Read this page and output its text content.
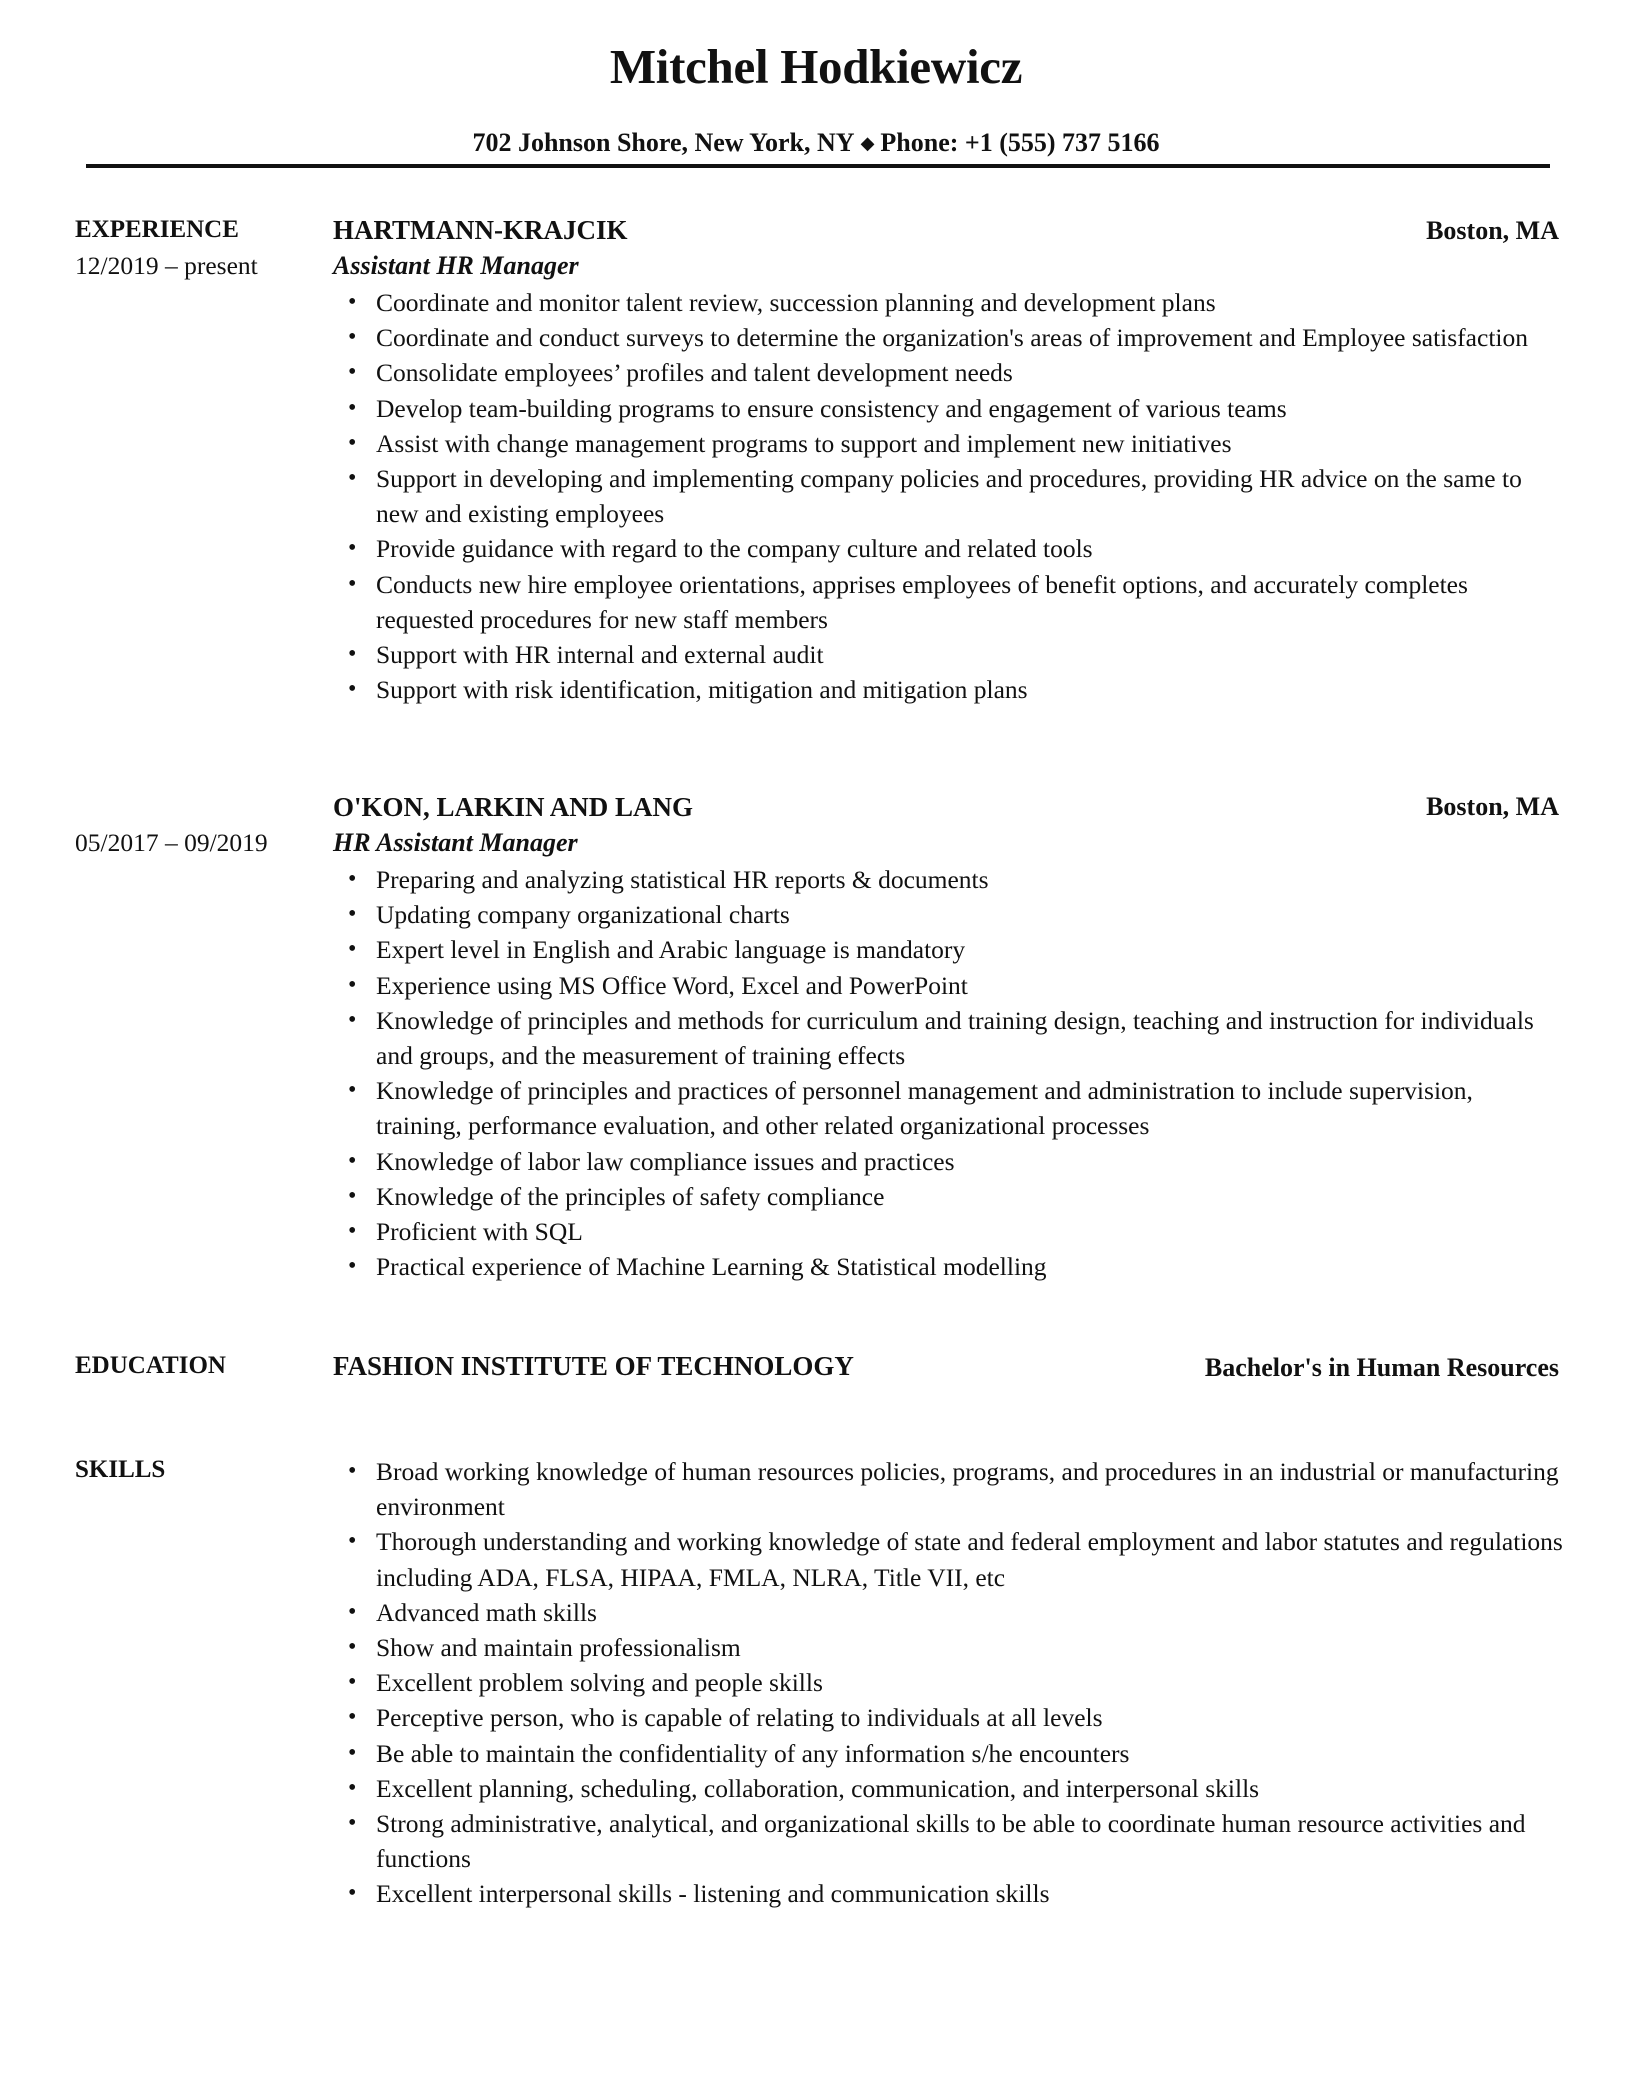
Mitchel Hodkiewicz
702 Johnson Shore, New York, NY ◆ Phone: +1 (555) 737 5166
EXPERIENCE	HARTMANN-KRAJCIK	Boston, MA
12/2019 – present	Assistant HR Manager
• Coordinate and monitor talent review, succession planning and development plans
• Coordinate and conduct surveys to determine the organization's areas of improvement and Employee satisfaction
• Consolidate employees’ profiles and talent development needs
• Develop team-building programs to ensure consistency and engagement of various teams
• Assist with change management programs to support and implement new initiatives
• Support in developing and implementing company policies and procedures, providing HR advice on the same to new and existing employees
• Provide guidance with regard to the company culture and related tools
• Conducts new hire employee orientations, apprises employees of benefit options, and accurately completes requested procedures for new staff members
• Support with HR internal and external audit
• Support with risk identification, mitigation and mitigation plans
O'KON, LARKIN AND LANG	Boston, MA
05/2017 – 09/2019	HR Assistant Manager
• Preparing and analyzing statistical HR reports & documents
• Updating company organizational charts
• Expert level in English and Arabic language is mandatory
• Experience using MS Office Word, Excel and PowerPoint
• Knowledge of principles and methods for curriculum and training design, teaching and instruction for individuals and groups, and the measurement of training effects
• Knowledge of principles and practices of personnel management and administration to include supervision, training, performance evaluation, and other related organizational processes
• Knowledge of labor law compliance issues and practices
• Knowledge of the principles of safety compliance
• Proficient with SQL
• Practical experience of Machine Learning & Statistical modelling
EDUCATION	FASHION INSTITUTE OF TECHNOLOGY	Bachelor's in Human Resources
SKILLS	• Broad working knowledge of human resources policies, programs, and procedures in an industrial or manufacturing environment
• Thorough understanding and working knowledge of state and federal employment and labor statutes and regulations including ADA, FLSA, HIPAA, FMLA, NLRA, Title VII, etc
• Advanced math skills
• Show and maintain professionalism
• Excellent problem solving and people skills
• Perceptive person, who is capable of relating to individuals at all levels
• Be able to maintain the confidentiality of any information s/he encounters
• Excellent planning, scheduling, collaboration, communication, and interpersonal skills
• Strong administrative, analytical, and organizational skills to be able to coordinate human resource activities and functions
• Excellent interpersonal skills - listening and communication skills
